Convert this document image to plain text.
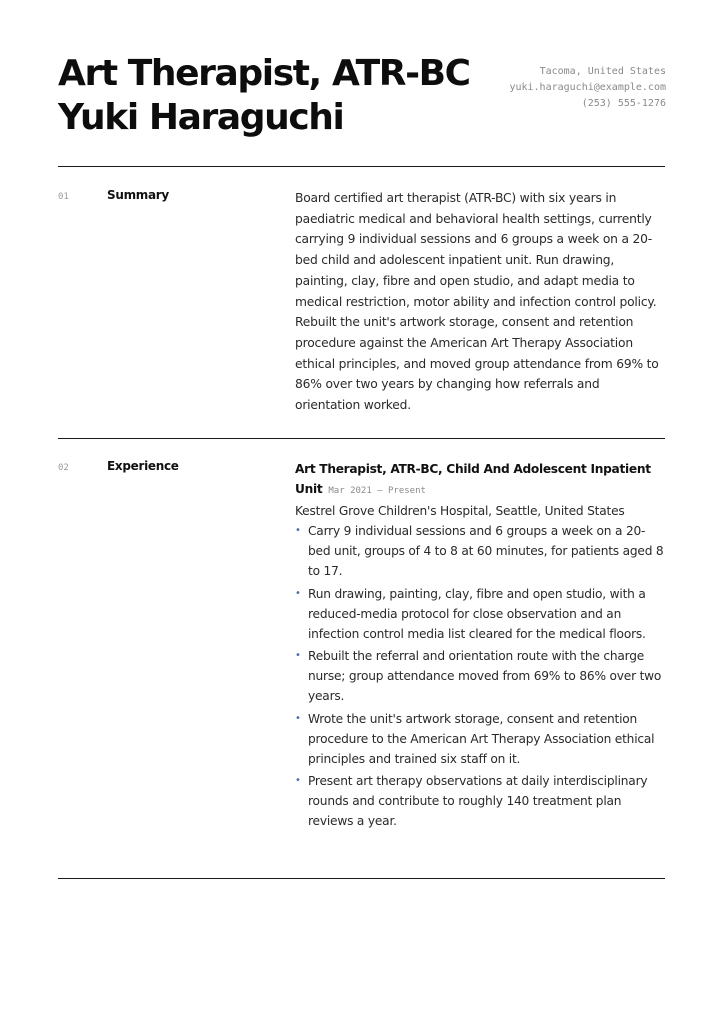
Art Therapist, ATR-BC Yuki Haraguchi
Tacoma, United States
yuki.haraguchi@example.com
(253) 555-1276
01	Summary	Board certified art therapist (ATR-BC) with six years in paediatric medical and behavioral health settings, currently carrying 9 individual sessions and 6 groups a week on a 20-bed child and adolescent inpatient unit. Run drawing, painting, clay, fibre and open studio, and adapt media to medical restriction, motor ability and infection control policy. Rebuilt the unit's artwork storage, consent and retention procedure against the American Art Therapy Association ethical principles, and moved group attendance from 69% to 86% over two years by changing how referrals and orientation worked.

02	Experience	Art Therapist, ATR-BC, Child And Adolescent Inpatient Unit Mar 2021 — Present
Kestrel Grove Children's Hospital, Seattle, United States
• Carry 9 individual sessions and 6 groups a week on a 20-bed unit, groups of 4 to 8 at 60 minutes, for patients aged 8 to 17.
• Run drawing, painting, clay, fibre and open studio, with a reduced-media protocol for close observation and an infection control media list cleared for the medical floors.
• Rebuilt the referral and orientation route with the charge nurse; group attendance moved from 69% to 86% over two years.
• Wrote the unit's artwork storage, consent and retention procedure to the American Art Therapy Association ethical principles and trained six staff on it.
• Present art therapy observations at daily interdisciplinary rounds and contribute to roughly 140 treatment plan reviews a year.
